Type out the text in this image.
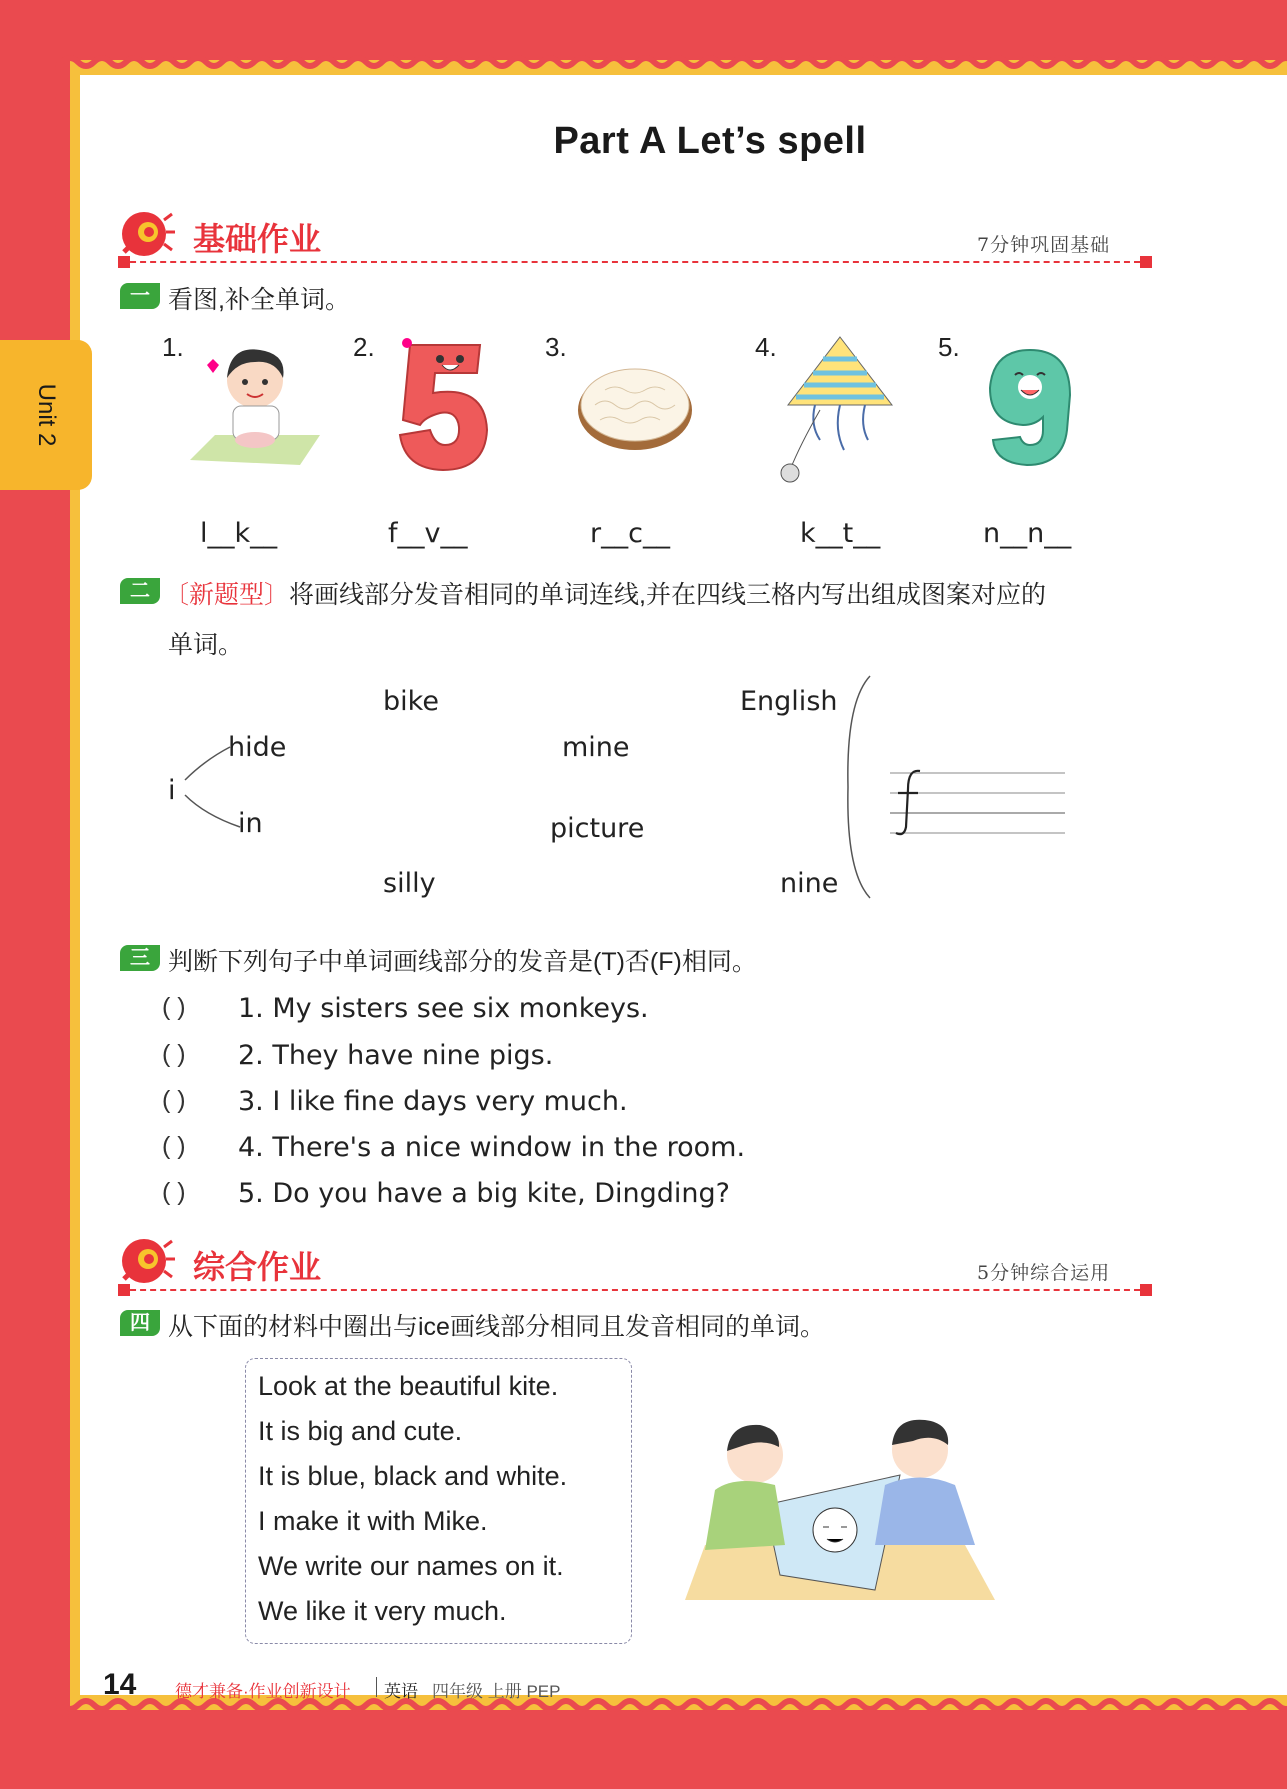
Part A Let’s spell
Unit 2
基础作业	7分钟巩固基础
一 看图,补全单词。
1.	2.	3.	4.	5.
l__k__	f__v__	r__c__	k__t__	n__n__
二 〔新题型〕将画线部分发音相同的单词连线,并在四线三格内写出组成图案对应的
单词。
i
bike
hide
in
silly
mine
picture
English
nine
三 判断下列句子中单词画线部分的发音是(T)否(F)相同。
( ) 1. My sisters see six monkeys.
( ) 2. They have nine pigs.
( ) 3. I like fine days very much.
( ) 4. There's a nice window in the room.
( ) 5. Do you have a big kite, Dingding?
综合作业	5分钟综合运用
四 从下面的材料中圈出与ice画线部分相同且发音相同的单词。
Look at the beautiful kite.
It is big and cute.
It is blue, black and white.
I make it with Mike.
We write our names on it.
We like it very much.
14 德才兼备·作业创新设计 英语 四年级 上册 PEP
